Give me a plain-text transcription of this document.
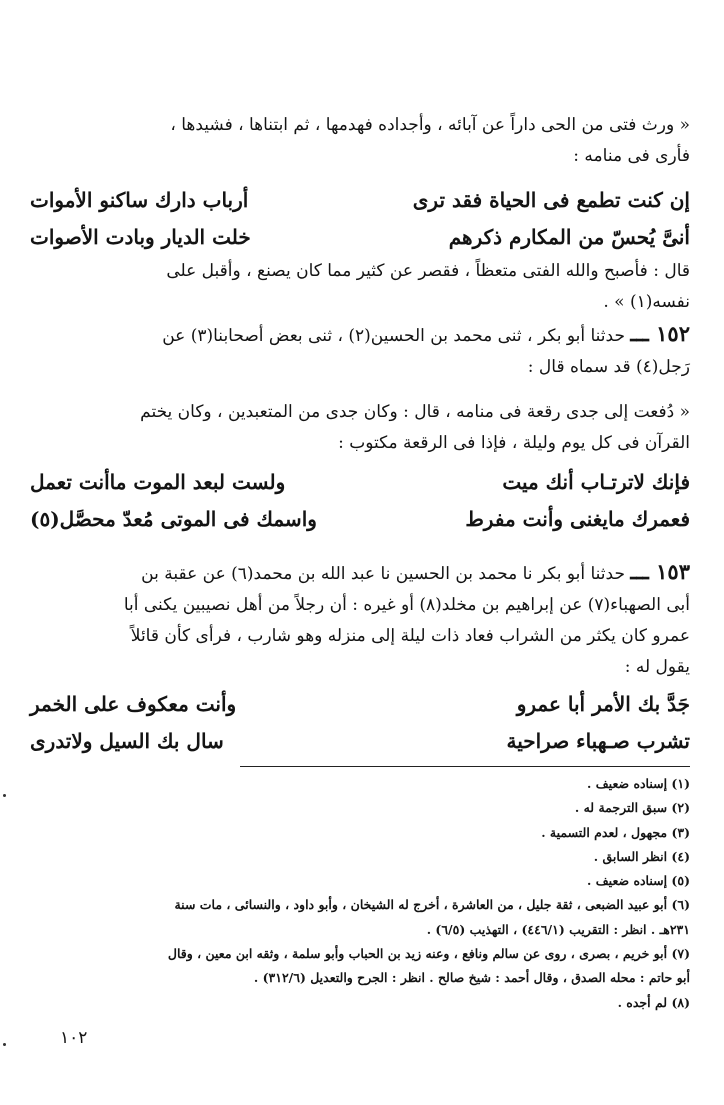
« ورث فتى من الحى داراً عن آبائه ، وأجداده فهدمها ، ثم ابتناها ، فشيدها ،
فأرى فى منامه :
إن كنت تطمع فى الحياة فقد ترى
أرباب دارك ساكنو الأموات
أنىَّ يُحسّ من المكارم ذكرهم
خلت الديار وبادت الأصوات
قال : فأصبح والله الفتى متعظاً ، فقصر عن كثير مما كان يصنع ، وأقبل على
نفسه(١) » .
١٥٢ ـــ حدثنا أبو بكر ، ثنى محمد بن الحسين(٢) ، ثنى بعض أصحابنا(٣) عن
رَجل(٤) قد سماه قال :
« دُفعت إلى جدى رقعة فى منامه ، قال : وكان جدى من المتعبدين ، وكان يختم
القرآن فى كل يوم وليلة ، فإذا فى الرقعة مكتوب :
فإنك لاترتـاب أنك ميت
ولست لبعد الموت ماأنت تعمل
فعمرك مايغنى وأنت مفرط
واسمك فى الموتى مُعدّ محصَّل(٥)
١٥٣ ـــ حدثنا أبو بكر نا محمد بن الحسين نا عبد الله بن محمد(٦) عن عقبة بن
أبى الصهباء(٧) عن إبراهيم بن مخلد(٨) أو غيره : أن رجلاً من أهل نصيبين يكنى أبا
عمرو كان يكثر من الشراب فعاد ذات ليلة إلى منزله وهو شارب ، فرأى كأن قائلاً
يقول له :
جَدَّ بك الأمر أبا عمرو
وأنت معكوف على الخمر
تشرب صـهباء صراحية
سال بك السيل ولاتدرى
(١) إسناده ضعيف .
(٢) سبق الترجمة له .
(٣) مجهول ، لعدم التسمية .
(٤) انظر السابق .
(٥) إسناده ضعيف .
(٦) أبو عبيد الضبعى ، ثقة جليل ، من العاشرة ، أخرج له الشيخان ، وأبو داود ، والنسائى ، مات سنة
٢٣١هـ . انظر : التقريب (٤٤٦/١) ، التهذيب (٦/٥) .
(٧) أبو خريم ، بصرى ، روى عن سالم ونافع ، وعنه زيد بن الحباب وأبو سلمة ، وثقه ابن معين ، وقال
أبو حاتم : محله الصدق ، وقال أحمد : شيخ صالح . انظر : الجرح والتعديل (٣١٢/٦) .
(٨) لم أجده .
١٠٢
